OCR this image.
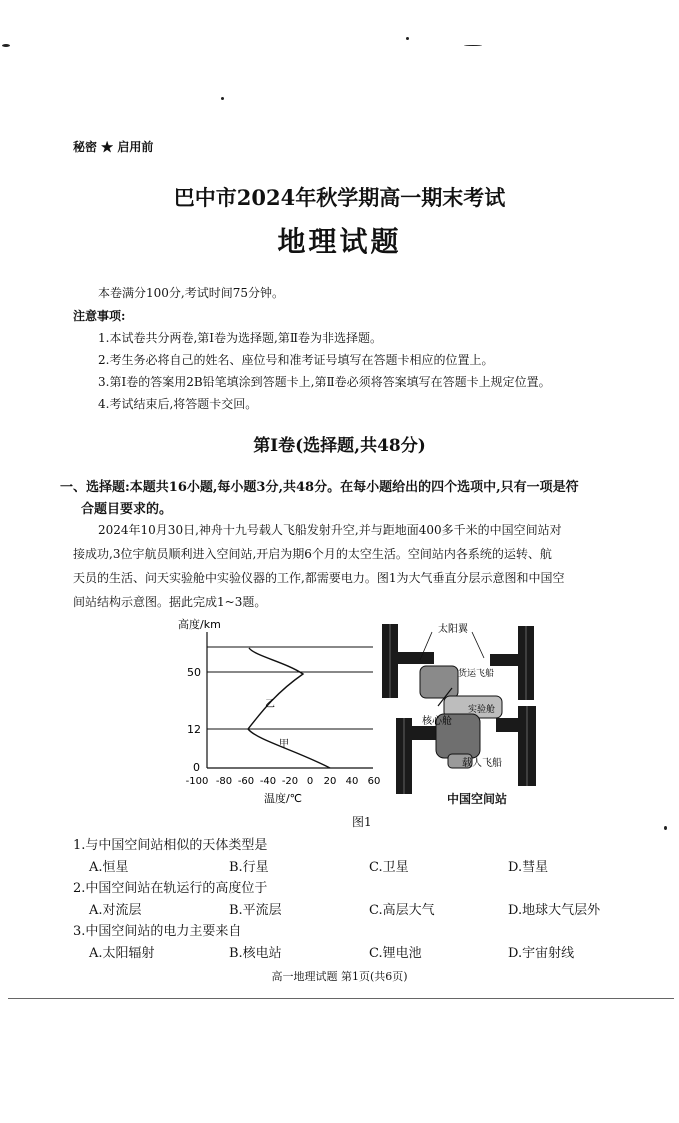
秘密 ★ 启用前
巴中市2024年秋学期高一期末考试
地理试题
本卷满分100分,考试时间75分钟。
注意事项:
1.本试卷共分两卷,第Ⅰ卷为选择题,第Ⅱ卷为非选择题。
2.考生务必将自己的姓名、座位号和准考证号填写在答题卡相应的位置上。
3.第Ⅰ卷的答案用2B铅笔填涂到答题卡上,第Ⅱ卷必须将答案填写在答题卡上规定位置。
4.考试结束后,将答题卡交回。
第Ⅰ卷(选择题,共48分)
一、选择题:本题共16小题,每小题3分,共48分。在每小题给出的四个选项中,只有一项是符
合题目要求的。
2024年10月30日,神舟十九号载人飞船发射升空,并与距地面400多千米的中国空间站对
接成功,3位宇航员顺利进入空间站,开启为期6个月的太空生活。空间站内各系统的运转、航
天员的生活、问天实验舱中实验仪器的工作,都需要电力。图1为大气垂直分层示意图和中国空
间站结构示意图。据此完成1~3题。
高度/km
50
12
0
-100 -80 -60 -40 -20 0 20 40 60
温度/℃
乙
甲
太阳翼
货运飞船
实验舱
核心舱
载人飞船
中国空间站
图1
1.与中国空间站相似的天体类型是
A.恒星	B.行星	C.卫星	D.彗星
2.中国空间站在轨运行的高度位于
A.对流层	B.平流层	C.高层大气	D.地球大气层外
3.中国空间站的电力主要来自
A.太阳辐射	B.核电站	C.锂电池	D.宇宙射线
高一地理试题 第1页(共6页)
